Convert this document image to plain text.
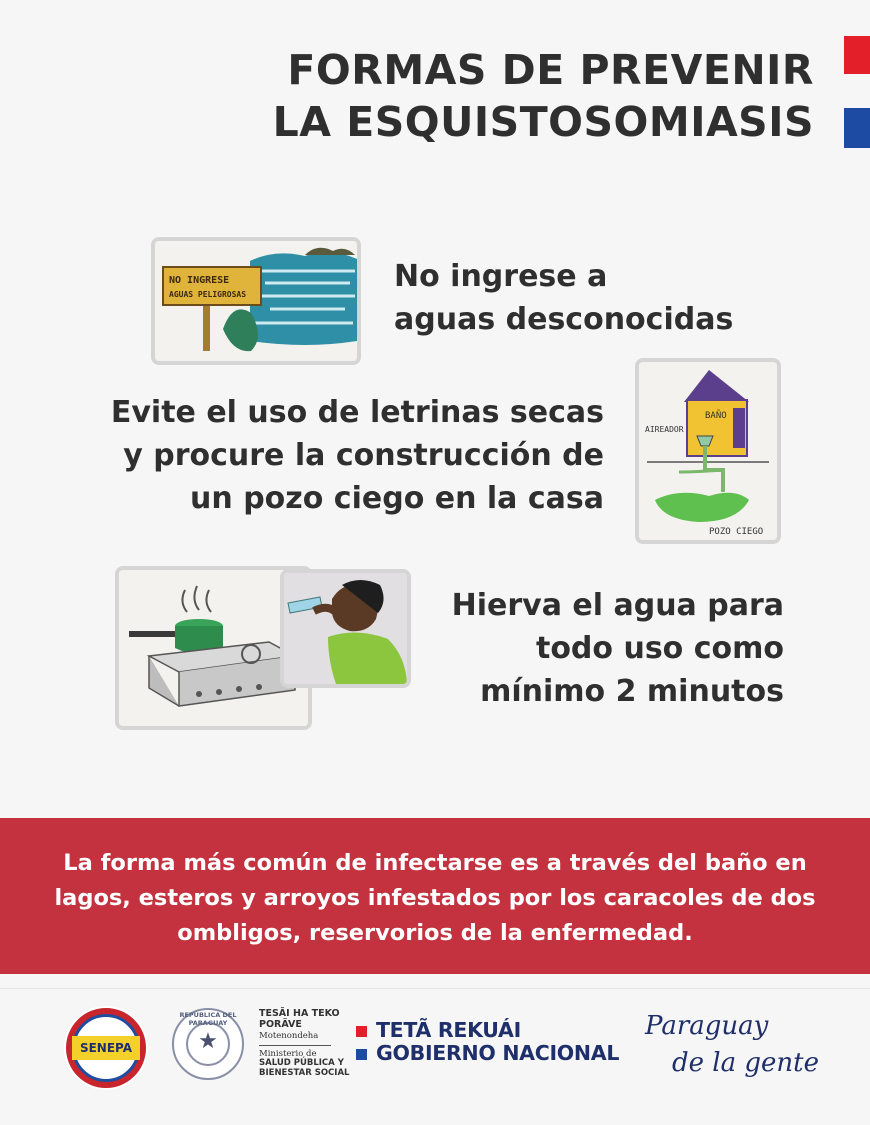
FORMAS DE PREVENIR
LA ESQUISTOSOMIASIS
NO INGRESE
AGUAS PELIGROSAS
No ingrese a
aguas desconocidas
Evite el uso de letrinas secas
y procure la construcción de
un pozo ciego en la casa
AIREADOR
BAÑO
POZO CIEGO
Hierva el agua para
todo uso como
mínimo 2 minutos
La forma más común de infectarse es a través del baño en
lagos, esteros y arroyos infestados por los caracoles de dos
ombligos, reservorios de la enfermedad.
SENEPA
REPÚBLICA DEL PARAGUAY
★
TESÃI HA TEKO
PORÃVE
Motenondeha
Ministerio de
SALUD PÚBLICA Y
BIENESTAR SOCIAL
TETÃ REKUÁI
GOBIERNO NACIONAL
Paraguay
de la gente
